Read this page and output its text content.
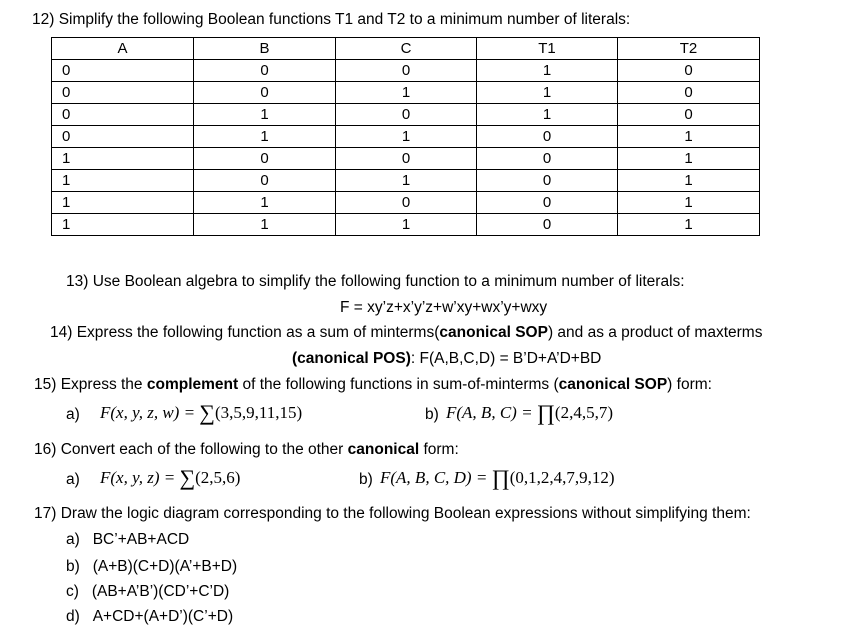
12) Simplify the following Boolean functions T1 and T2 to a minimum number of literals:
A	B	C	T1	T2
0	0	0	1	0
0	0	1	1	0
0	1	0	1	0
0	1	1	0	1
1	0	0	0	1
1	0	1	0	1
1	1	0	0	1
1	1	1	0	1
13) Use Boolean algebra to simplify the following function to a minimum number of literals:
F = xy’z+x’y’z+w’xy+wx’y+wxy
14) Express the following function as a sum of minterms(canonical SOP) and as a product of maxterms
(canonical POS): F(A,B,C,D) = B’D+A’D+BD
15) Express the complement of the following functions in sum-of-minterms (canonical SOP) form:
a) F(x, y, z, w) = ∑(3,5,9,11,15)	b) F(A, B, C) = ∏(2,4,5,7)
16) Convert each of the following to the other canonical form:
a) F(x, y, z) = ∑(2,5,6)	b) F(A, B, C, D) = ∏(0,1,2,4,7,9,12)
17) Draw the logic diagram corresponding to the following Boolean expressions without simplifying them:
a) BC’+AB+ACD
b) (A+B)(C+D)(A’+B+D)
c) (AB+A’B’)(CD’+C’D)
d) A+CD+(A+D’)(C’+D)
